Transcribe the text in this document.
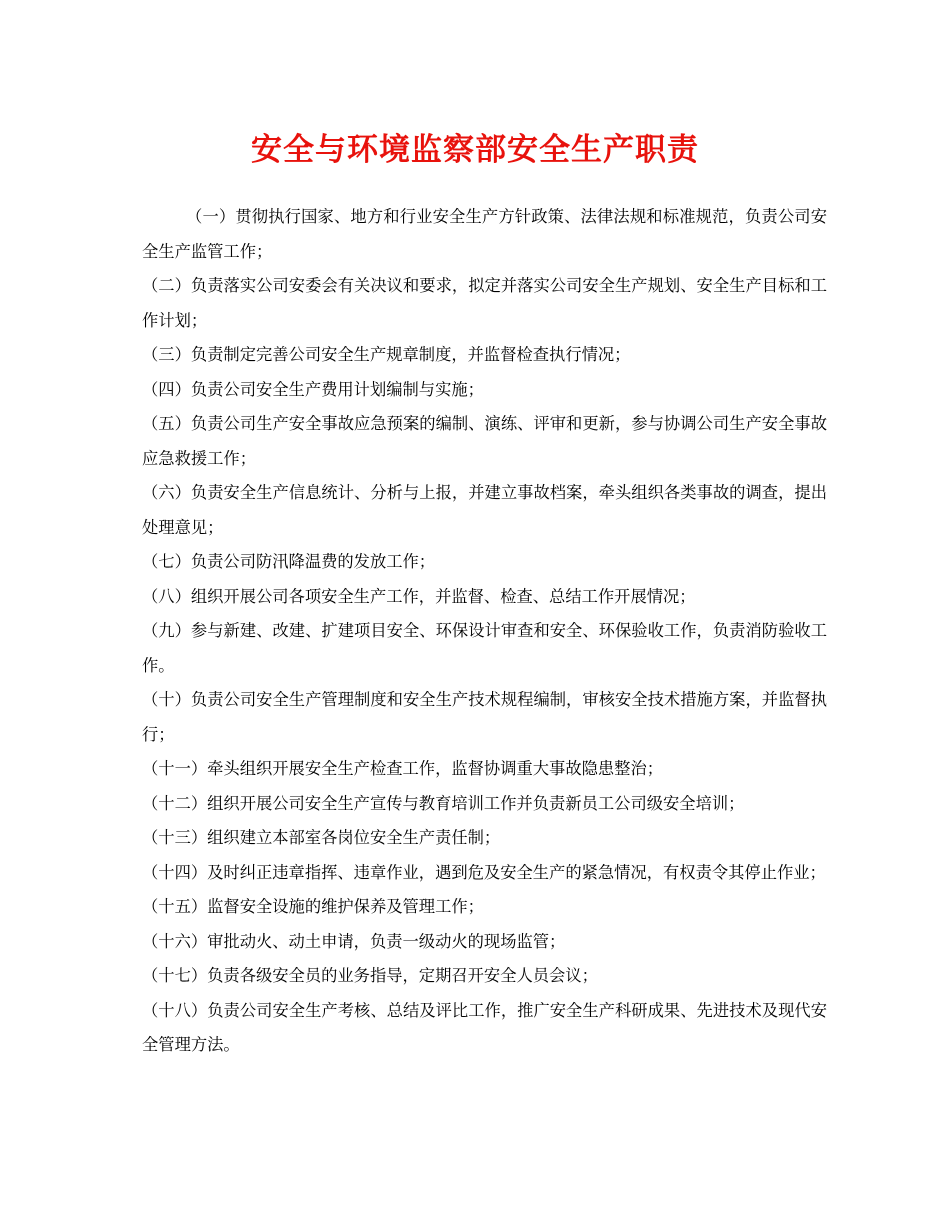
安全与环境监察部安全生产职责

（一）贯彻执行国家、地方和行业安全生产方针政策、法律法规和标准规范，负责公司安全生产监管工作；

（二）负责落实公司安委会有关决议和要求，拟定并落实公司安全生产规划、安全生产目标和工作计划；

（三）负责制定完善公司安全生产规章制度，并监督检查执行情况；

（四）负责公司安全生产费用计划编制与实施；

（五）负责公司生产安全事故应急预案的编制、演练、评审和更新，参与协调公司生产安全事故应急救援工作；

（六）负责安全生产信息统计、分析与上报，并建立事故档案，牵头组织各类事故的调查，提出处理意见；

（七）负责公司防汛降温费的发放工作；

（八）组织开展公司各项安全生产工作，并监督、检查、总结工作开展情况；

（九）参与新建、改建、扩建项目安全、环保设计审查和安全、环保验收工作，负责消防验收工作。

（十）负责公司安全生产管理制度和安全生产技术规程编制，审核安全技术措施方案，并监督执行；

（十一）牵头组织开展安全生产检查工作，监督协调重大事故隐患整治；

（十二）组织开展公司安全生产宣传与教育培训工作并负责新员工公司级安全培训；

（十三）组织建立本部室各岗位安全生产责任制；

（十四）及时纠正违章指挥、违章作业，遇到危及安全生产的紧急情况，有权责令其停止作业；

（十五）监督安全设施的维护保养及管理工作；

（十六）审批动火、动土申请，负责一级动火的现场监管；

（十七）负责各级安全员的业务指导，定期召开安全人员会议；

（十八）负责公司安全生产考核、总结及评比工作，推广安全生产科研成果、先进技术及现代安全管理方法。
